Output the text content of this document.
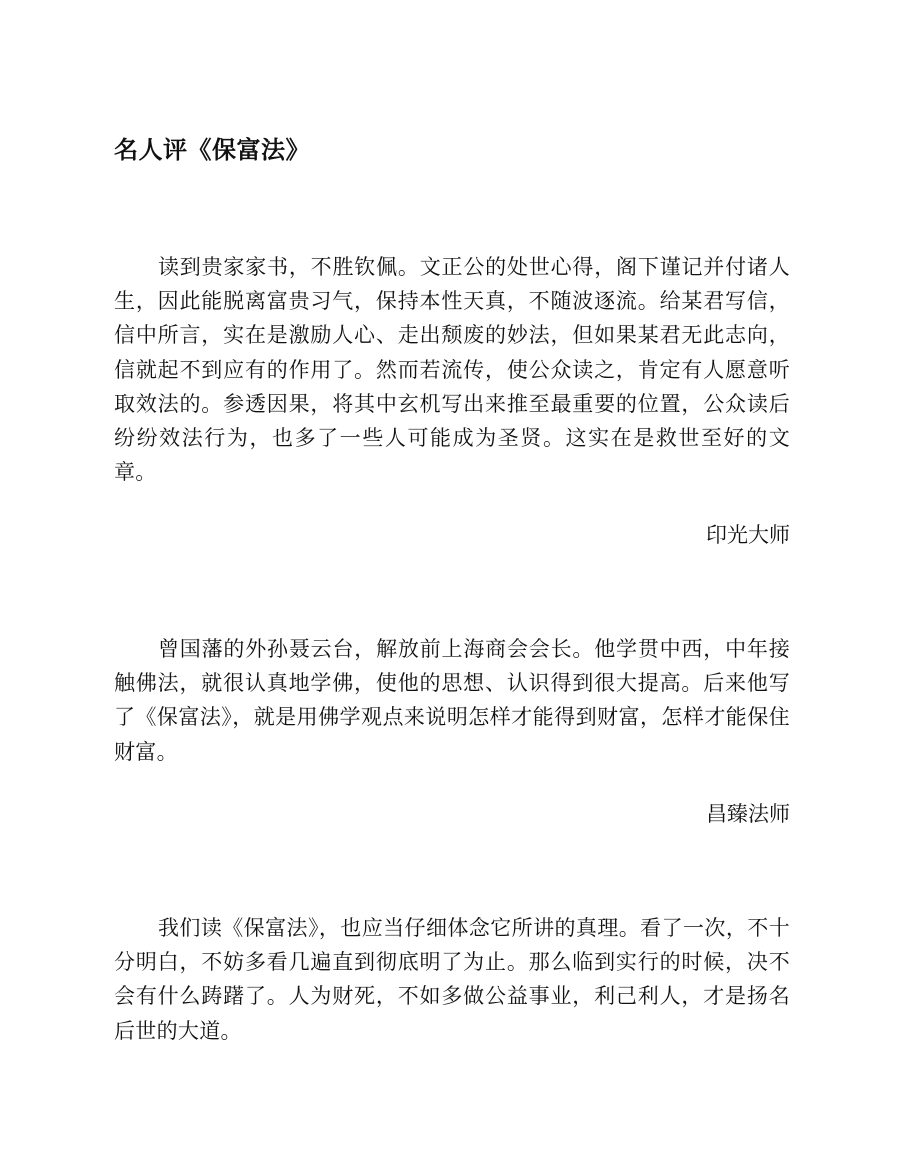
名人评《保富法》

读到贵家家书，不胜钦佩。文正公的处世心得，阁下谨记并付诸人生，因此能脱离富贵习气，保持本性天真，不随波逐流。给某君写信，信中所言，实在是激励人心、走出颓废的妙法，但如果某君无此志向，信就起不到应有的作用了。然而若流传，使公众读之，肯定有人愿意听取效法的。参透因果，将其中玄机写出来推至最重要的位置，公众读后纷纷效法行为，也多了一些人可能成为圣贤。这实在是救世至好的文章。

印光大师

曾国藩的外孙聂云台，解放前上海商会会长。他学贯中西，中年接触佛法，就很认真地学佛，使他的思想、认识得到很大提高。后来他写了《保富法》，就是用佛学观点来说明怎样才能得到财富，怎样才能保住财富。

昌臻法师

我们读《保富法》，也应当仔细体念它所讲的真理。看了一次，不十分明白，不妨多看几遍直到彻底明了为止。那么临到实行的时候，决不会有什么踌躇了。人为财死，不如多做公益事业，利己利人，才是扬名后世的大道。
